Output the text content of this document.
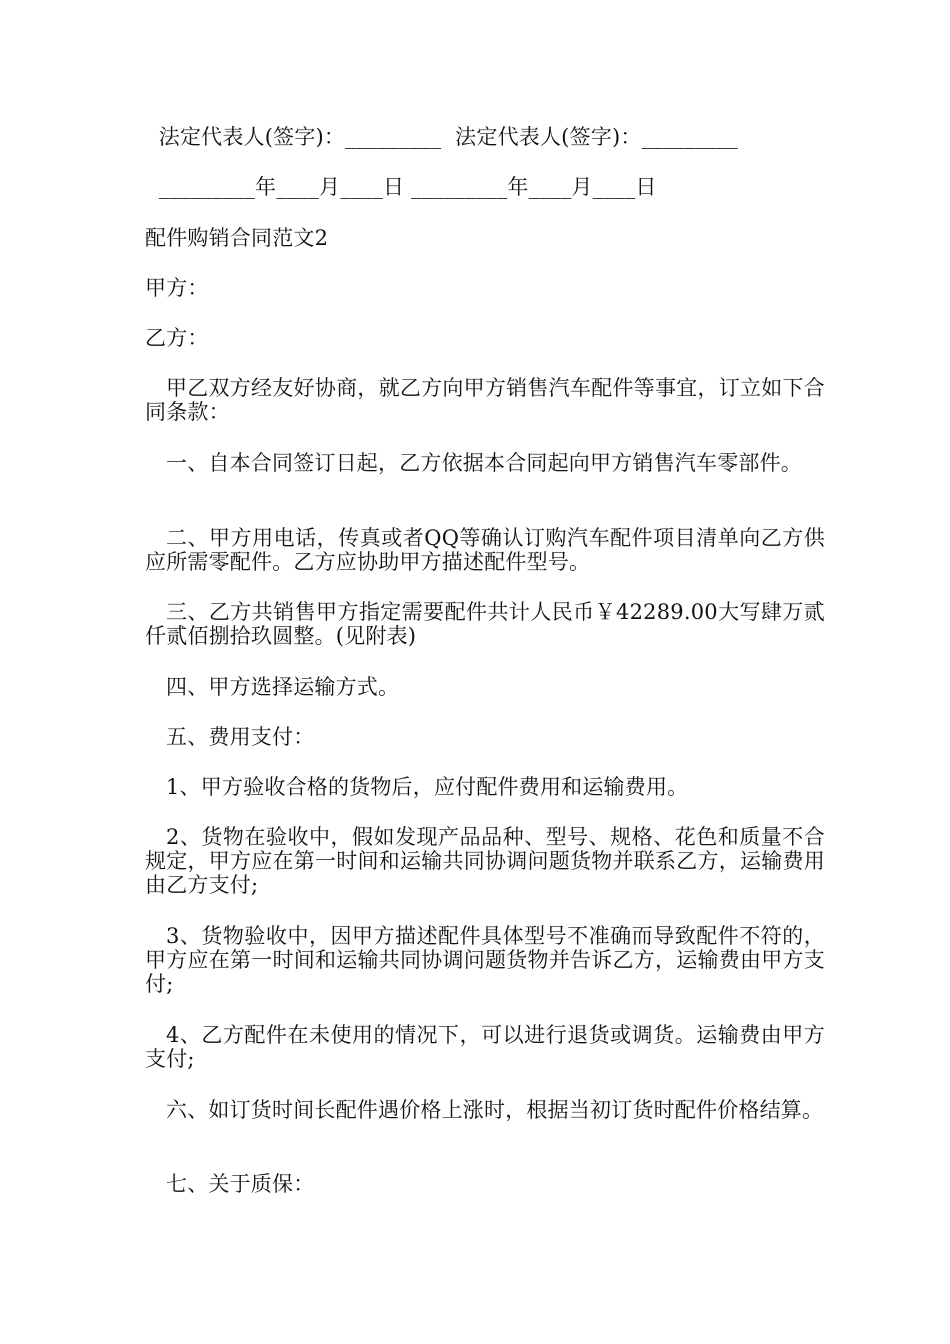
法定代表人(签字)：_________  法定代表人(签字)：_________
_________年____月____日 _________年____月____日
配件购销合同范文2
甲方：
乙方：
甲乙双方经友好协商，就乙方向甲方销售汽车配件等事宜，订立如下合同条款：
一、自本合同签订日起，乙方依据本合同起向甲方销售汽车零部件。
二、甲方用电话，传真或者QQ等确认订购汽车配件项目清单向乙方供应所需零配件。乙方应协助甲方描述配件型号。
三、乙方共销售甲方指定需要配件共计人民币￥42289.00大写肆万贰仟贰佰捌拾玖圆整。(见附表)
四、甲方选择运输方式。
五、费用支付：
1、甲方验收合格的货物后，应付配件费用和运输费用。
2、货物在验收中，假如发现产品品种、型号、规格、花色和质量不合规定，甲方应在第一时间和运输共同协调问题货物并联系乙方，运输费用由乙方支付;
3、货物验收中，因甲方描述配件具体型号不准确而导致配件不符的，甲方应在第一时间和运输共同协调问题货物并告诉乙方，运输费由甲方支付;
4、乙方配件在未使用的情况下，可以进行退货或调货。运输费由甲方支付;
六、如订货时间长配件遇价格上涨时，根据当初订货时配件价格结算。
七、关于质保：
